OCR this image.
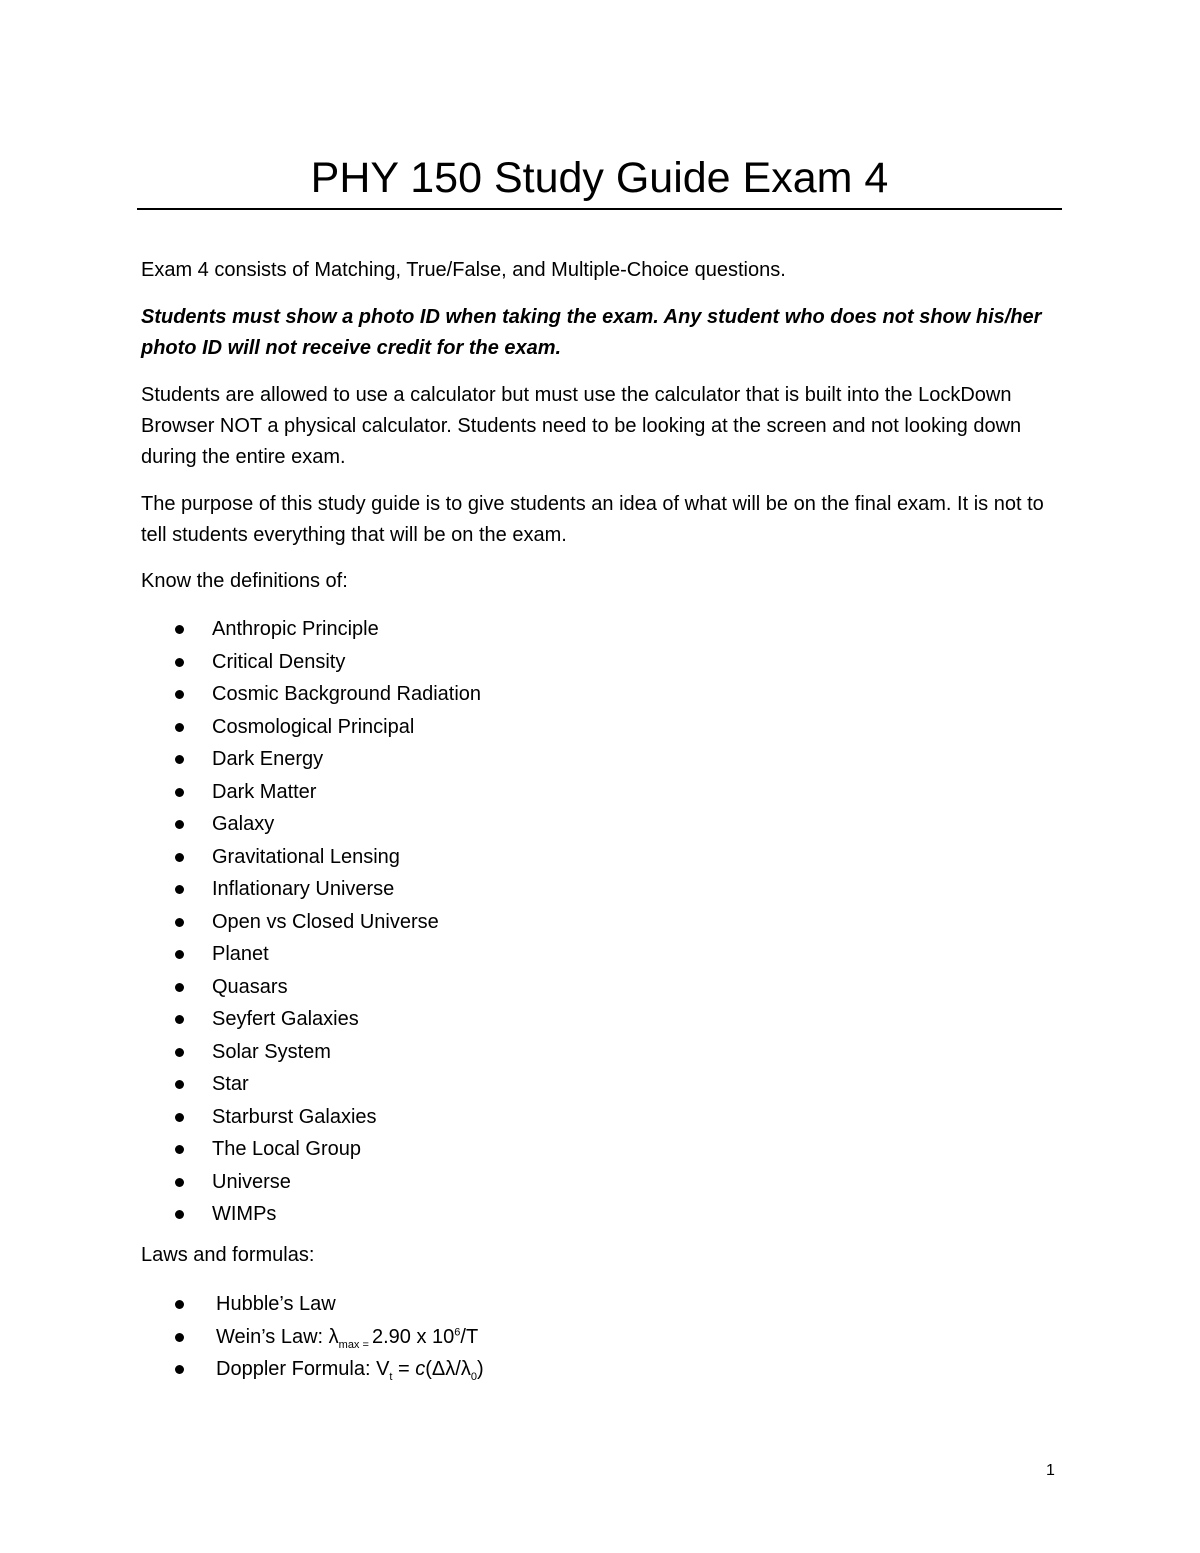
PHY 150 Study Guide Exam 4

Exam 4 consists of Matching, True/False, and Multiple-Choice questions.

Students must show a photo ID when taking the exam. Any student who does not show his/her photo ID will not receive credit for the exam.

Students are allowed to use a calculator but must use the calculator that is built into the LockDown Browser NOT a physical calculator. Students need to be looking at the screen and not looking down during the entire exam.

The purpose of this study guide is to give students an idea of what will be on the final exam. It is not to tell students everything that will be on the exam.

Know the definitions of:

Anthropic Principle
Critical Density
Cosmic Background Radiation
Cosmological Principal
Dark Energy
Dark Matter
Galaxy
Gravitational Lensing
Inflationary Universe
Open vs Closed Universe
Planet
Quasars
Seyfert Galaxies
Solar System
Star
Starburst Galaxies
The Local Group
Universe
WIMPs

Laws and formulas:

Hubble’s Law
Wein’s Law: $\lambda_{max =}$ 2.90 x $10^6/T$
Doppler Formula: $V_t = c(\Delta\lambda/\lambda_0)$

1
